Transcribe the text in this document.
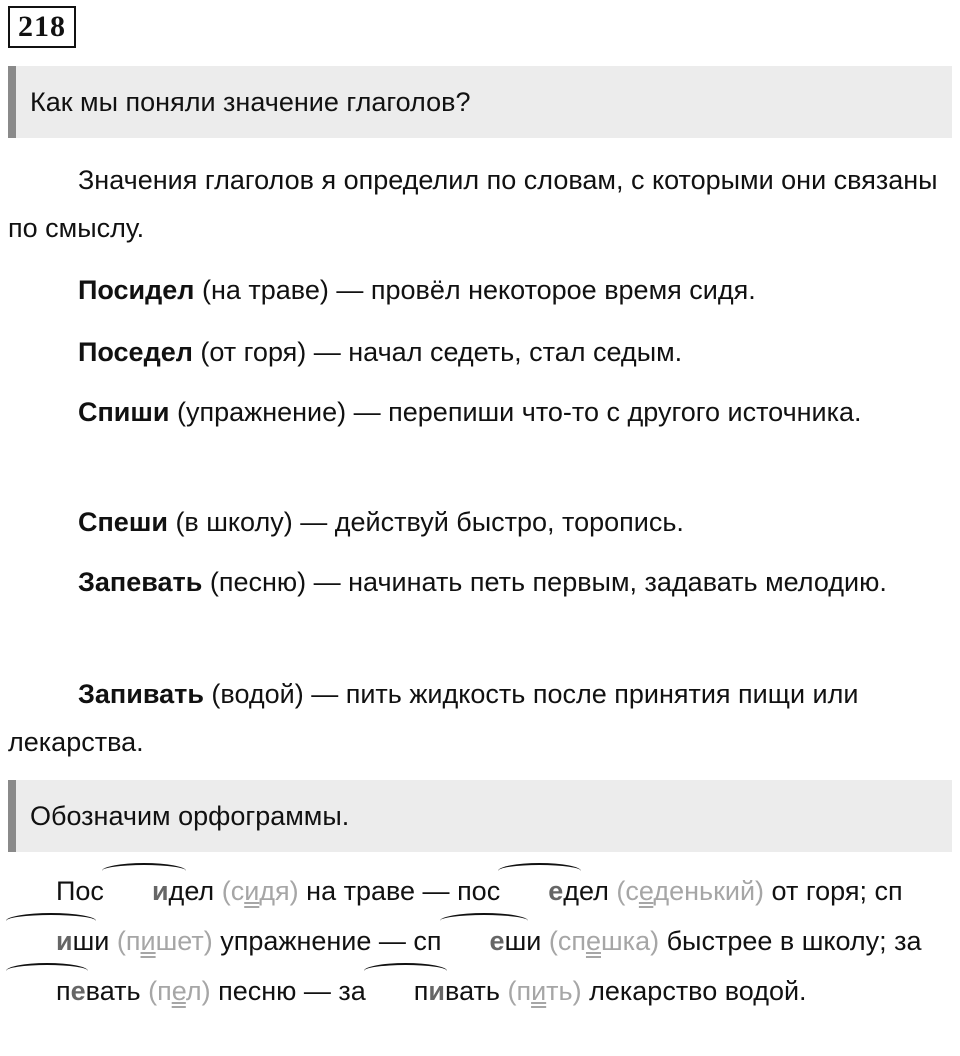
218
Как мы поняли значение глаголов?

Значения глаголов я определил по словам, с которыми они связаны по смыслу.

Посидел (на траве) — провёл некоторое время сидя.

Поседел (от горя) — начал седеть, стал седым.

Спиши (упражнение) — перепиши что-то с другого источника.

Спеши (в школу) — действуй быстро, торопись.

Запевать (песню) — начинать петь первым, задавать мелодию.

Запивать (водой) — пить жидкость после принятия пищи или лекарства.

Обозначим орфограммы.

Пос идел (сидя) на траве — пос едел (седенький) от горя; спиши (пишет) упражнение — сп еши (спешка) быстрее в школу; запевать (пел) песню — за пивать (пить) лекарство водой.
